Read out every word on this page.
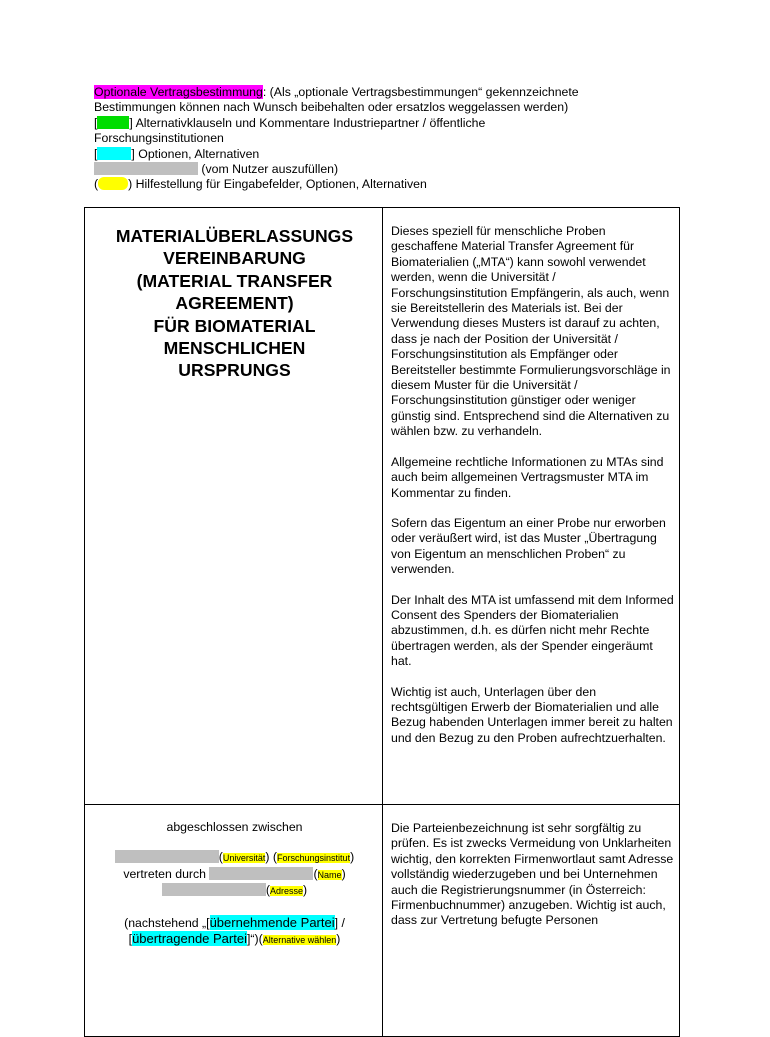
Optionale Vertragsbestimmung: (Als „optionale Vertragsbestimmungen“ gekennzeichnete
Bestimmungen können nach Wunsch beibehalten oder ersatzlos weggelassen werden)
[	] Alternativklauseln und Kommentare Industriepartner / öffentliche
Forschungsinstitutionen
[	] Optionen, Alternativen
(vom Nutzer auszufüllen)
( ) Hilfestellung für Eingabefelder, Optionen, Alternativen
MATERIALÜBERLASSUNGS
VEREINBARUNG
(MATERIAL TRANSFER
AGREEMENT)
FÜR BIOMATERIAL
MENSCHLICHEN
URSPRUNGS

Dieses speziell für menschliche Proben geschaffene Material Transfer Agreement für Biomaterialien („MTA“) kann sowohl verwendet werden, wenn die Universität / Forschungsinstitution Empfängerin, als auch, wenn sie Bereitstellerin des Materials ist. Bei der Verwendung dieses Musters ist darauf zu achten, dass je nach der Position der Universität / Forschungsinstitution als Empfänger oder Bereitsteller bestimmte Formulierungsvorschläge in diesem Muster für die Universität / Forschungsinstitution günstiger oder weniger günstig sind. Entsprechend sind die Alternativen zu wählen bzw. zu verhandeln.

Allgemeine rechtliche Informationen zu MTAs sind auch beim allgemeinen Vertragsmuster MTA im Kommentar zu finden.

Sofern das Eigentum an einer Probe nur erworben oder veräußert wird, ist das Muster „Übertragung von Eigentum an menschlichen Proben“ zu verwenden.

Der Inhalt des MTA ist umfassend mit dem Informed Consent des Spenders der Biomaterialien abzustimmen, d.h. es dürfen nicht mehr Rechte übertragen werden, als der Spender eingeräumt hat.

Wichtig ist auch, Unterlagen über den rechtsgültigen Erwerb der Biomaterialien und alle Bezug habenden Unterlagen immer bereit zu halten und den Bezug zu den Proben aufrechtzuerhalten.

abgeschlossen zwischen
(Universität) (Forschungsinstitut)
vertreten durch	(Name)
(Adresse)
(nachstehend „[übernehmende Partei] /
[übertragende Partei]“)(Alternative wählen)

Die Parteienbezeichnung ist sehr sorgfältig zu prüfen. Es ist zwecks Vermeidung von Unklarheiten wichtig, den korrekten Firmenwortlaut samt Adresse vollständig wiederzugeben und bei Unternehmen auch die Registrierungsnummer (in Österreich: Firmenbuchnummer) anzugeben. Wichtig ist auch, dass zur Vertretung befugte Personen
